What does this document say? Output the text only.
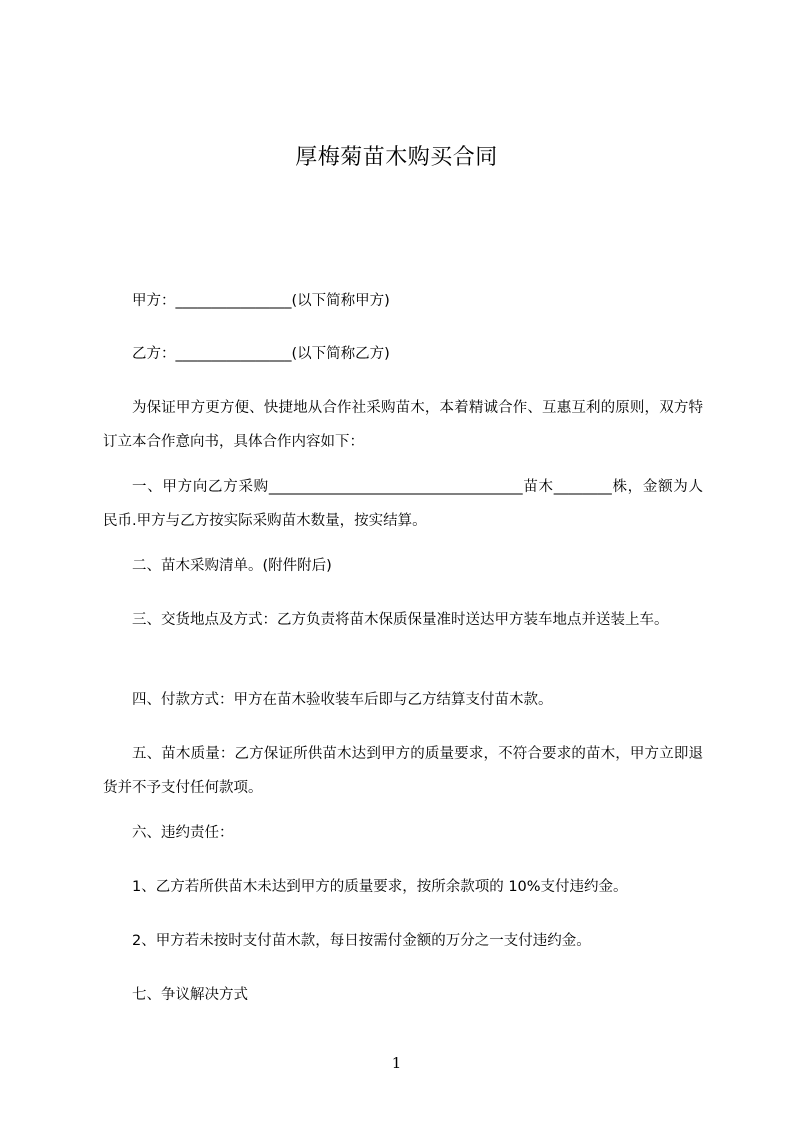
厚梅菊苗木购买合同
甲方：________________(以下简称甲方)
乙方：________________(以下简称乙方)
为保证甲方更方便、快捷地从合作社采购苗木，本着精诚合作、互惠互利的原则，双方特订立本合作意向书，具体合作内容如下：
一、甲方向乙方采购___________________________________苗木________株，金额为人民币.甲方与乙方按实际采购苗木数量，按实结算。
二、苗木采购清单。(附件附后)
三、交货地点及方式：乙方负责将苗木保质保量准时送达甲方装车地点并送装上车。
四、付款方式：甲方在苗木验收装车后即与乙方结算支付苗木款。
五、苗木质量：乙方保证所供苗木达到甲方的质量要求，不符合要求的苗木，甲方立即退货并不予支付任何款项。
六、违约责任：
1、乙方若所供苗木未达到甲方的质量要求，按所余款项的 10%支付违约金。
2、甲方若未按时支付苗木款，每日按需付金额的万分之一支付违约金。
七、争议解决方式
1
